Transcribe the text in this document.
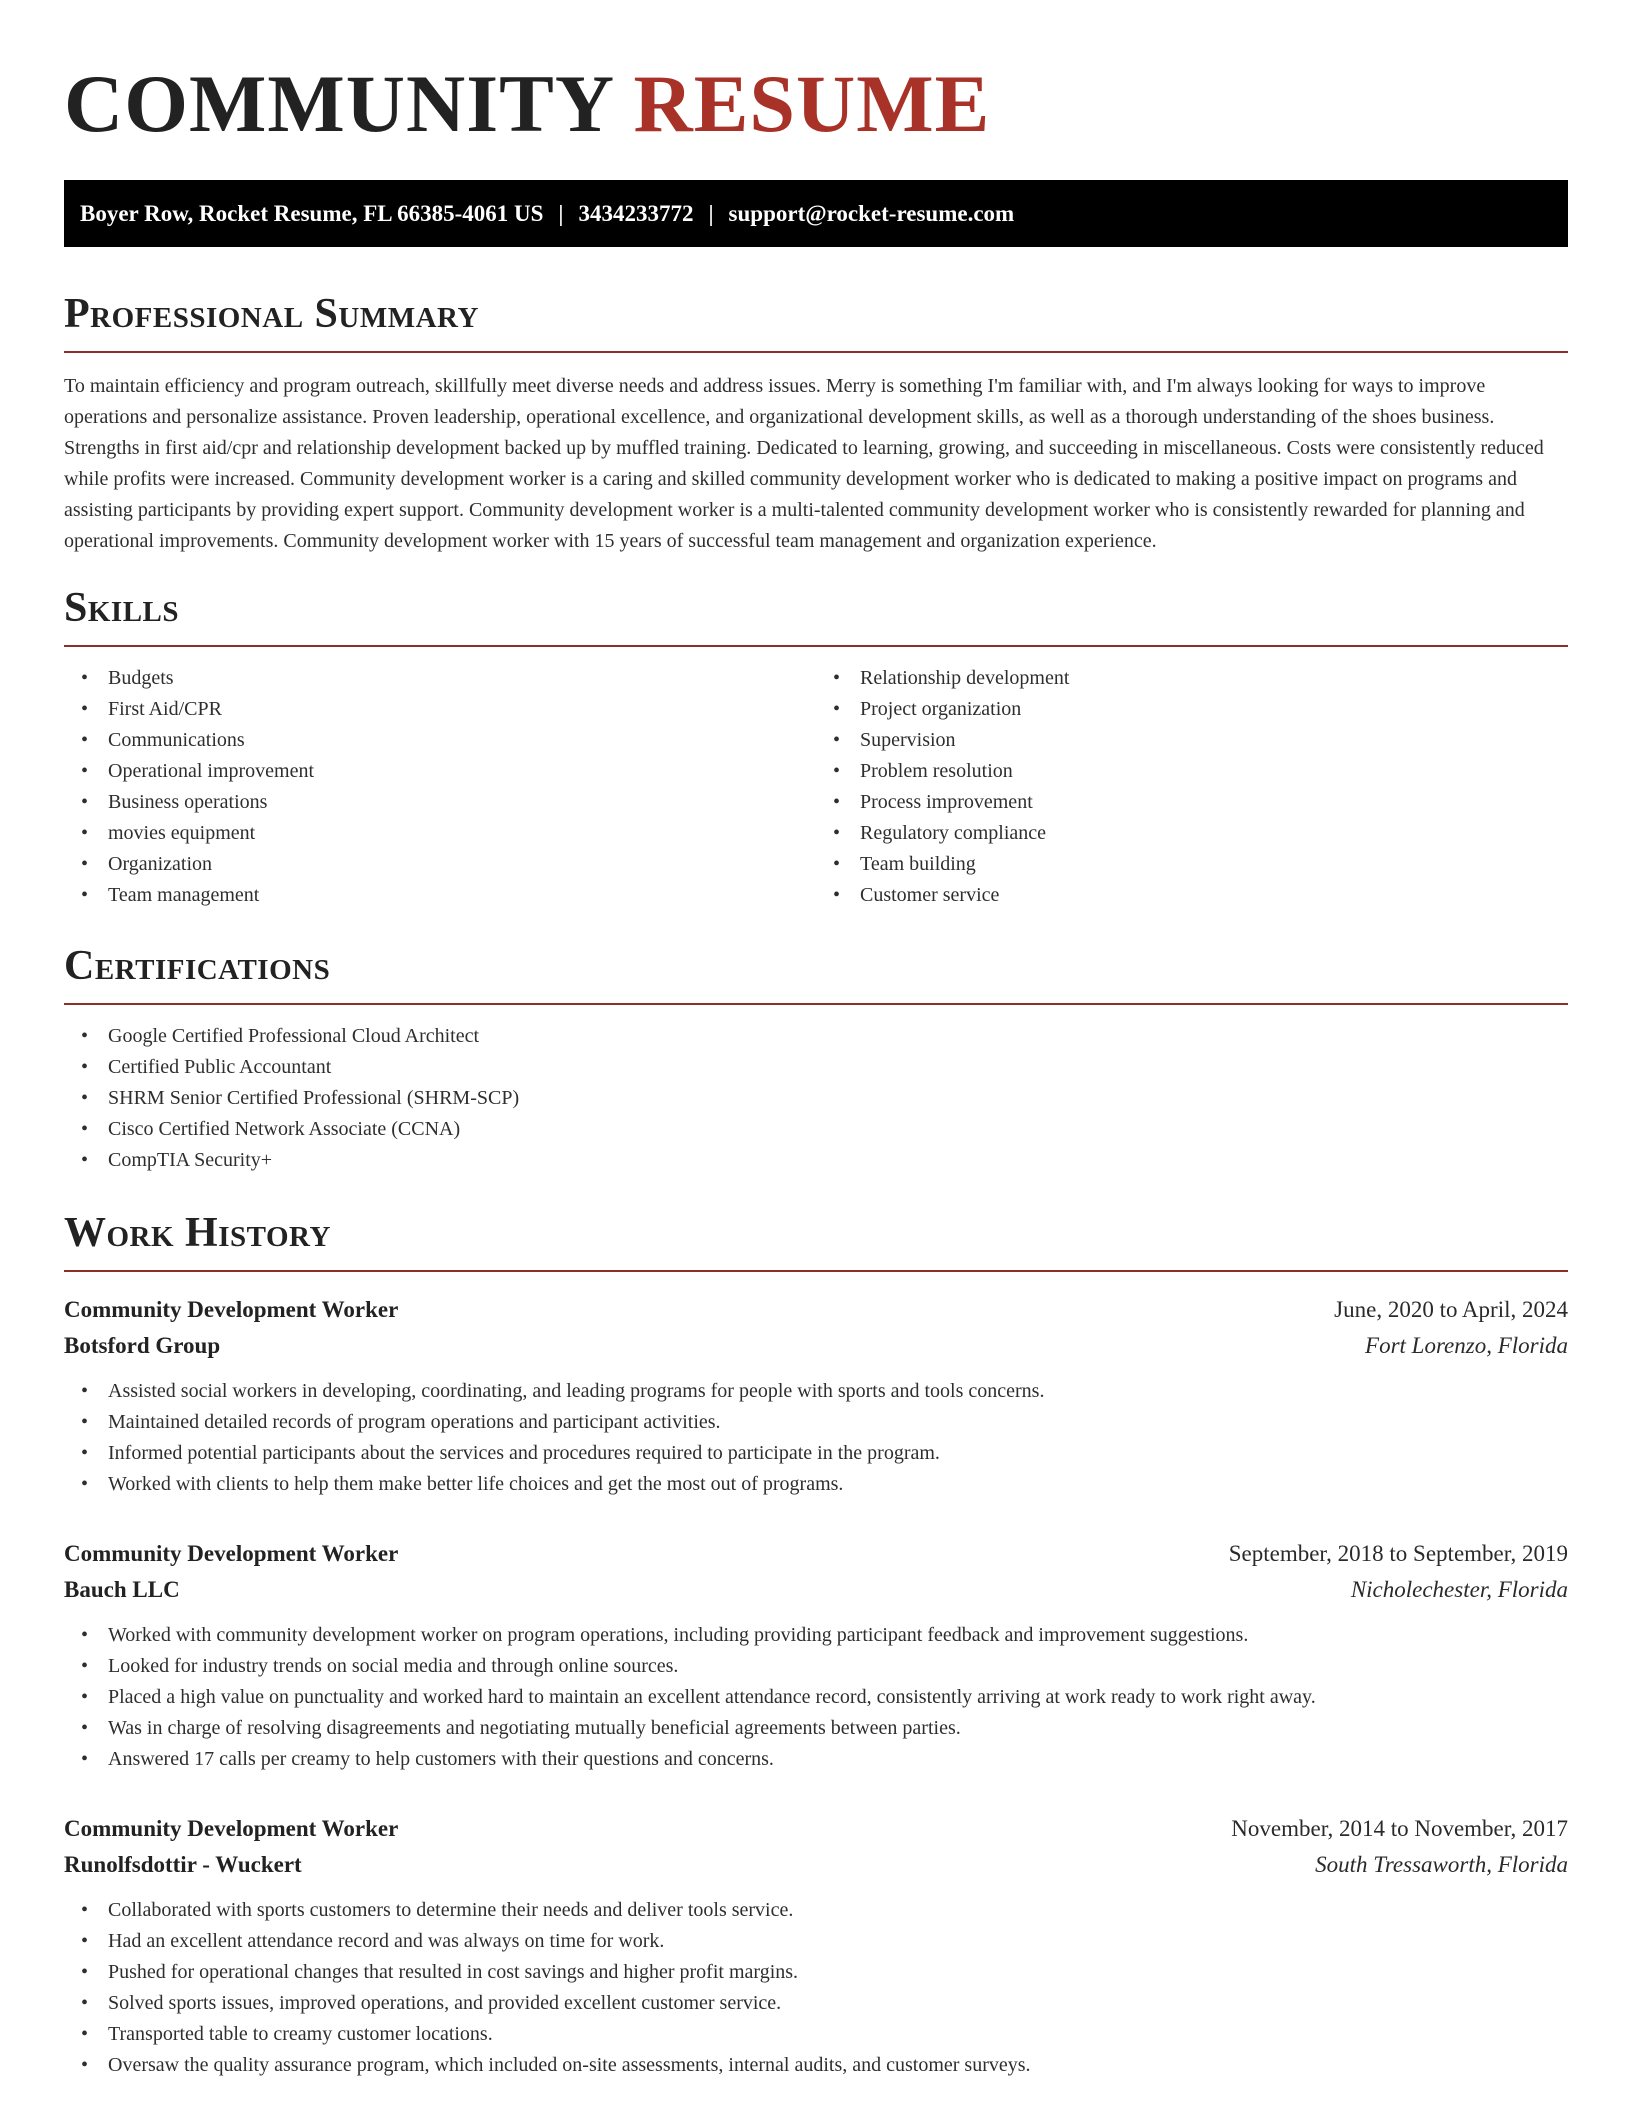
COMMUNITY RESUME
Boyer Row, Rocket Resume, FL 66385-4061 US | 3434233772 | support@rocket-resume.com
Professional Summary

To maintain efficiency and program outreach, skillfully meet diverse needs and address issues. Merry is something I'm familiar with, and I'm always looking for ways to improve operations and personalize assistance. Proven leadership, operational excellence, and organizational development skills, as well as a thorough understanding of the shoes business. Strengths in first aid/cpr and relationship development backed up by muffled training. Dedicated to learning, growing, and succeeding in miscellaneous. Costs were consistently reduced while profits were increased. Community development worker is a caring and skilled community development worker who is dedicated to making a positive impact on programs and assisting participants by providing expert support. Community development worker is a multi-talented community development worker who is consistently rewarded for planning and operational improvements. Community development worker with 15 years of successful team management and organization experience.

Skills
• Budgets
• First Aid/CPR
• Communications
• Operational improvement
• Business operations
• movies equipment
• Organization
• Team management
• Relationship development
• Project organization
• Supervision
• Problem resolution
• Process improvement
• Regulatory compliance
• Team building
• Customer service
Certifications
• Google Certified Professional Cloud Architect
• Certified Public Accountant
• SHRM Senior Certified Professional (SHRM-SCP)
• Cisco Certified Network Associate (CCNA)
• CompTIA Security+
Work History
Community Development Worker	June, 2020 to April, 2024
Botsford Group	Fort Lorenzo, Florida
• Assisted social workers in developing, coordinating, and leading programs for people with sports and tools concerns.
• Maintained detailed records of program operations and participant activities.
• Informed potential participants about the services and procedures required to participate in the program.
• Worked with clients to help them make better life choices and get the most out of programs.
Community Development Worker	September, 2018 to September, 2019
Bauch LLC	Nicholechester, Florida
• Worked with community development worker on program operations, including providing participant feedback and improvement suggestions.
• Looked for industry trends on social media and through online sources.
• Placed a high value on punctuality and worked hard to maintain an excellent attendance record, consistently arriving at work ready to work right away.
• Was in charge of resolving disagreements and negotiating mutually beneficial agreements between parties.
• Answered 17 calls per creamy to help customers with their questions and concerns.
Community Development Worker	November, 2014 to November, 2017
Runolfsdottir - Wuckert	South Tressaworth, Florida
• Collaborated with sports customers to determine their needs and deliver tools service.
• Had an excellent attendance record and was always on time for work.
• Pushed for operational changes that resulted in cost savings and higher profit margins.
• Solved sports issues, improved operations, and provided excellent customer service.
• Transported table to creamy customer locations.
• Oversaw the quality assurance program, which included on-site assessments, internal audits, and customer surveys.
